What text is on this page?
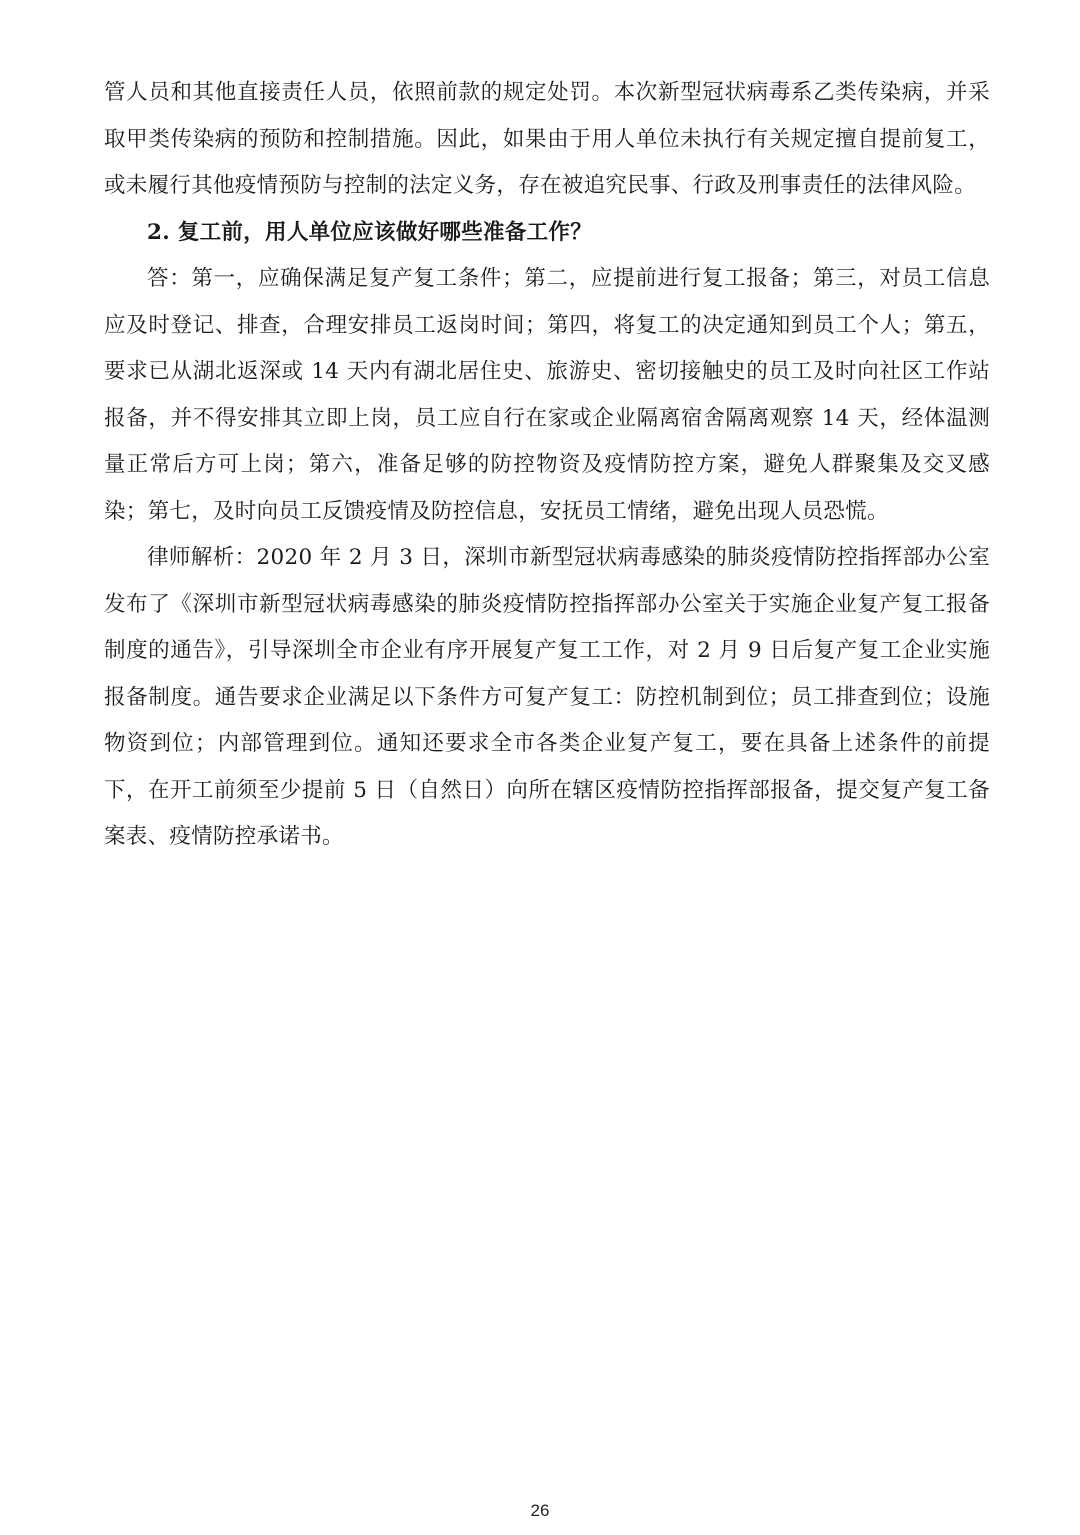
管人员和其他直接责任人员，依照前款的规定处罚。本次新型冠状病毒系乙类传染病，并采取甲类传染病的预防和控制措施。因此，如果由于用人单位未执行有关规定擅自提前复工，或未履行其他疫情预防与控制的法定义务，存在被追究民事、行政及刑事责任的法律风险。

2. 复工前，用人单位应该做好哪些准备工作？

答：第一，应确保满足复产复工条件；第二，应提前进行复工报备；第三，对员工信息应及时登记、排查，合理安排员工返岗时间；第四，将复工的决定通知到员工个人；第五，要求已从湖北返深或 14 天内有湖北居住史、旅游史、密切接触史的员工及时向社区工作站报备，并不得安排其立即上岗，员工应自行在家或企业隔离宿舍隔离观察 14 天，经体温测量正常后方可上岗；第六，准备足够的防控物资及疫情防控方案，避免人群聚集及交叉感染；第七，及时向员工反馈疫情及防控信息，安抚员工情绪，避免出现人员恐慌。

律师解析：2020 年 2 月 3 日，深圳市新型冠状病毒感染的肺炎疫情防控指挥部办公室发布了《深圳市新型冠状病毒感染的肺炎疫情防控指挥部办公室关于实施企业复产复工报备制度的通告》，引导深圳全市企业有序开展复产复工工作，对 2 月 9 日后复产复工企业实施报备制度。通告要求企业满足以下条件方可复产复工：防控机制到位；员工排查到位；设施物资到位；内部管理到位。通知还要求全市各类企业复产复工，要在具备上述条件的前提下，在开工前须至少提前 5 日（自然日）向所在辖区疫情防控指挥部报备，提交复产复工备案表、疫情防控承诺书。

26
